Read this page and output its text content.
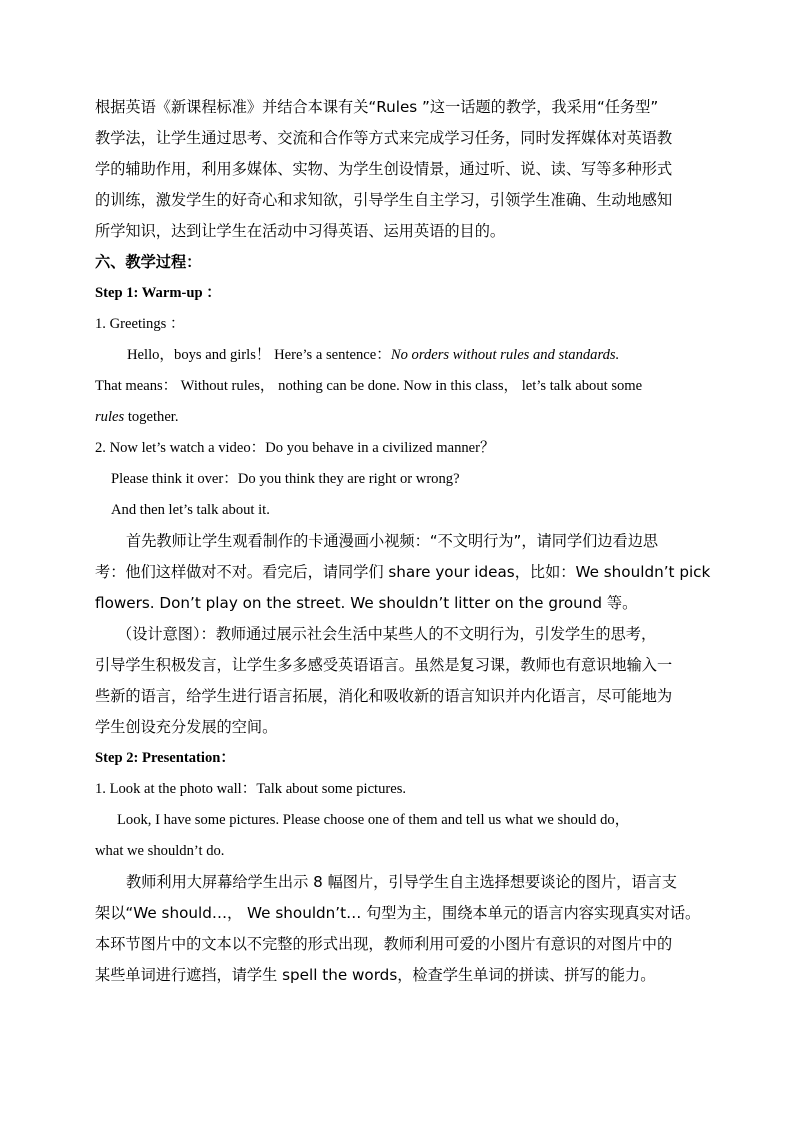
根据英语《新课程标准》并结合本课有关“Rules ”这一话题的教学，我采用“任务型”

教学法，让学生通过思考、交流和合作等方式来完成学习任务，同时发挥媒体对英语教

学的辅助作用，利用多媒体、实物、为学生创设情景，通过听、说、读、写等多种形式

的训练，激发学生的好奇心和求知欲，引导学生自主学习，引领学生准确、生动地感知

所学知识，达到让学生在活动中习得英语、运用英语的目的。

六、教学过程：

Step 1: Warm-up ：

1. Greetings ：

Hello，boys and girls！ Here’s a sentence：No orders without rules and standards.

That means： Without rules， nothing can be done. Now in this class， let’s talk about some

rules together.

2. Now let’s watch a video：Do you behave in a civilized manner？

Please think it over：Do you think they are right or wrong?

And then let’s talk about it.

首先教师让学生观看制作的卡通漫画小视频：“不文明行为”，请同学们边看边思

考：他们这样做对不对。看完后，请同学们 share your ideas，比如：We shouldn’t pick

flowers. Don’t play on the street. We shouldn’t litter on the ground 等。

（设计意图）：教师通过展示社会生活中某些人的不文明行为，引发学生的思考，

引导学生积极发言，让学生多多感受英语语言。虽然是复习课，教师也有意识地输入一

些新的语言，给学生进行语言拓展，消化和吸收新的语言知识并内化语言，尽可能地为

学生创设充分发展的空间。

Step 2: Presentation：

1. Look at the photo wall：Talk about some pictures.

Look, I have some pictures. Please choose one of them and tell us what we should do，

what we shouldn’t do.

教师利用大屏幕给学生出示 8 幅图片，引导学生自主选择想要谈论的图片，语言支

架以“We should…， We shouldn’t… 句型为主，围绕本单元的语言内容实现真实对话。

本环节图片中的文本以不完整的形式出现，教师利用可爱的小图片有意识的对图片中的

某些单词进行遮挡，请学生 spell the words，检查学生单词的拼读、拼写的能力。
